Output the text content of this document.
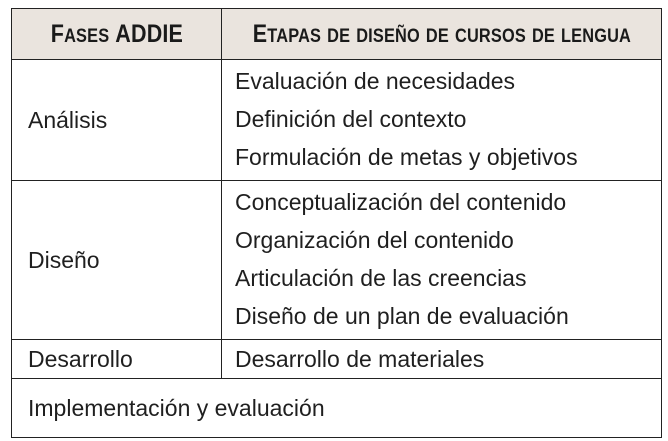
FASES ADDIE	ETAPAS DE DISEÑO DE CURSOS DE LENGUA
Análisis	Evaluación de necesidades
Definición del contexto
Formulación de metas y objetivos

Diseño	Conceptualización del contenido
Organización del contenido
Articulación de las creencias
Diseño de un plan de evaluación

Desarrollo	Desarrollo de materiales

Implementación y evaluación	
